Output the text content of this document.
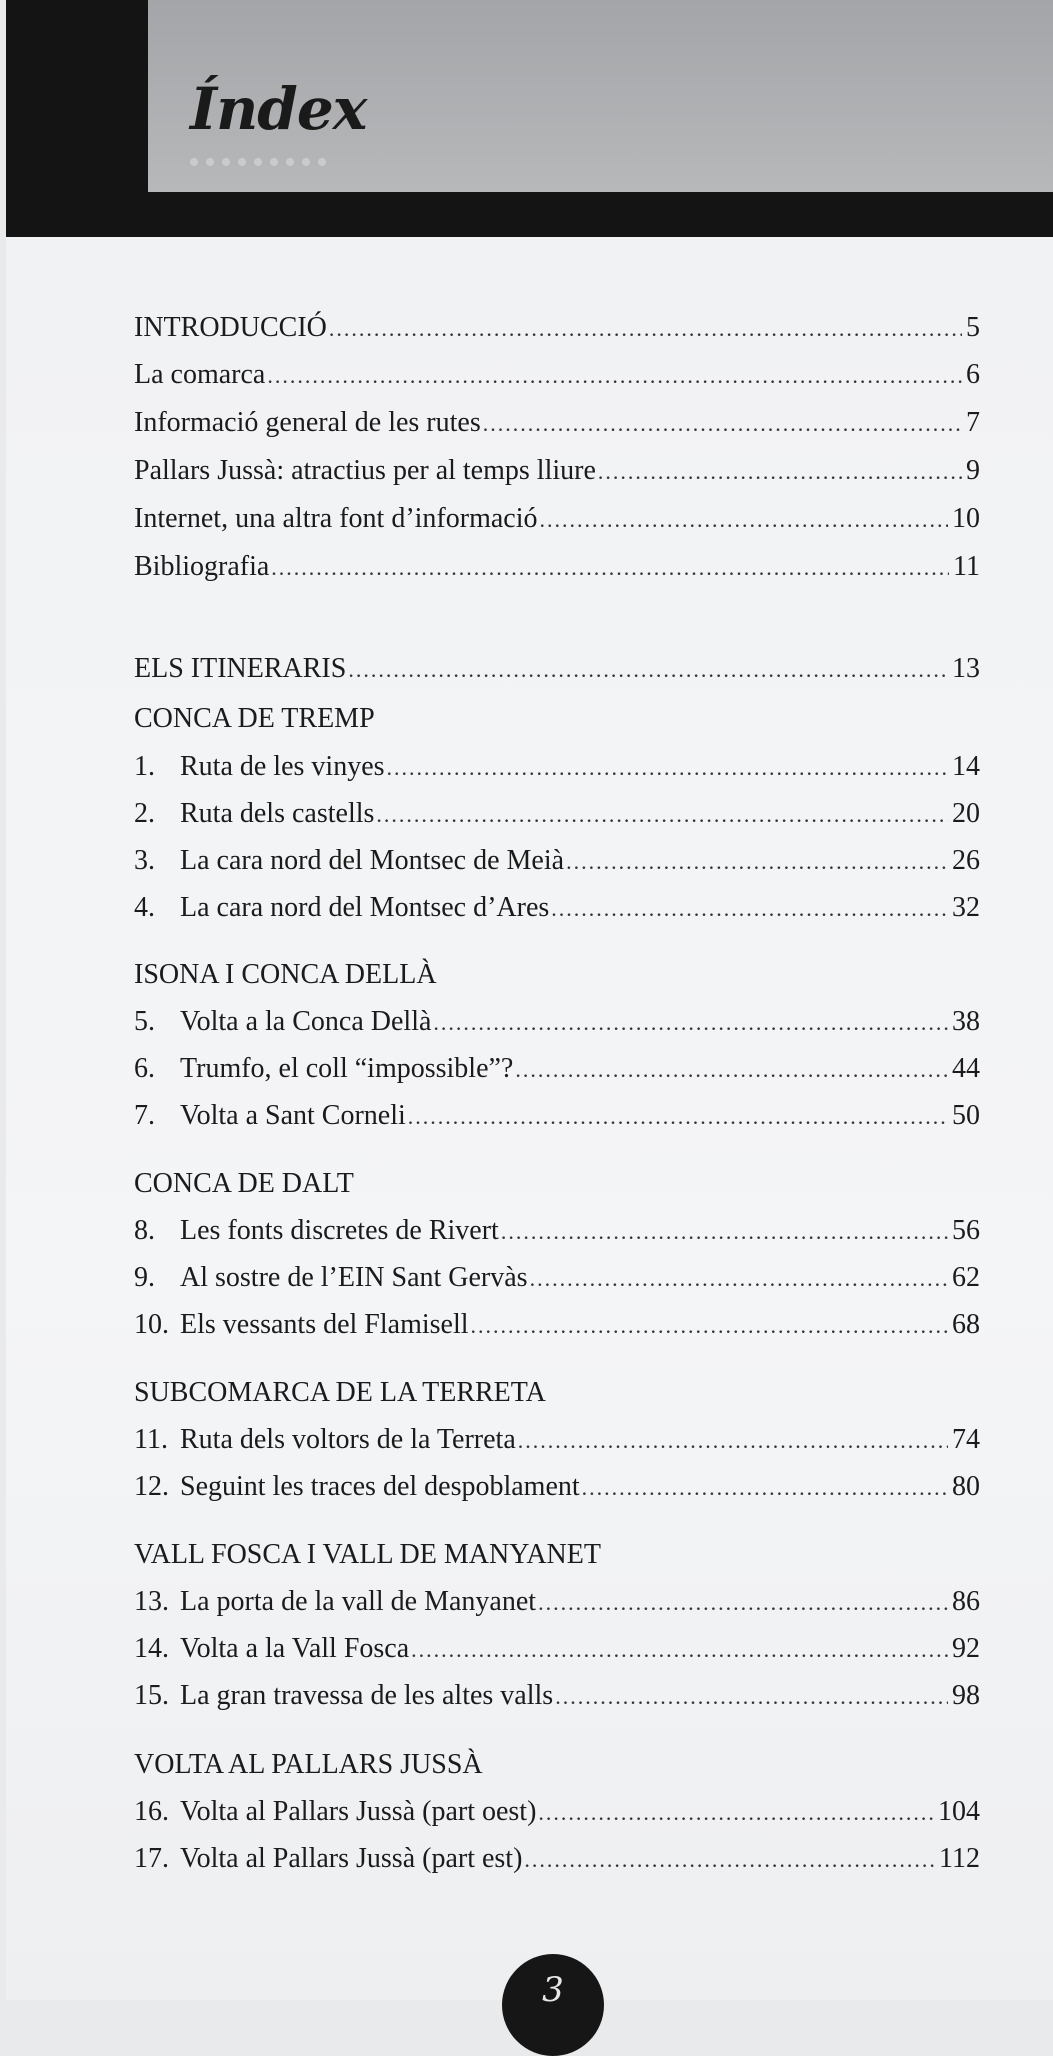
Índex
INTRODUCCIÓ .....	5
La comarca .....	6
Informació general de les rutes .....	7
Pallars Jussà: atractius per al temps lliure .....	9
Internet, una altra font d’informació .....	10
Bibliografia .....	11
ELS ITINERARIS .....	13
CONCA DE TREMP
1. Ruta de les vinyes .....	14
2. Ruta dels castells .....	20
3. La cara nord del Montsec de Meià .....	26
4. La cara nord del Montsec d’Ares .....	32
ISONA I CONCA DELLÀ
5. Volta a la Conca Dellà .....	38
6. Trumfo, el coll “impossible”? .....	44
7. Volta a Sant Corneli .....	50
CONCA DE DALT
8. Les fonts discretes de Rivert .....	56
9. Al sostre de l’EIN Sant Gervàs .....	62
10. Els vessants del Flamisell .....	68
SUBCOMARCA DE LA TERRETA
11. Ruta dels voltors de la Terreta .....	74
12. Seguint les traces del despoblament .....	80
VALL FOSCA I VALL DE MANYANET
13. La porta de la vall de Manyanet .....	86
14. Volta a la Vall Fosca .....	92
15. La gran travessa de les altes valls .....	98
VOLTA AL PALLARS JUSSÀ
16. Volta al Pallars Jussà (part oest) .....	104
17. Volta al Pallars Jussà (part est) .....	112
3
